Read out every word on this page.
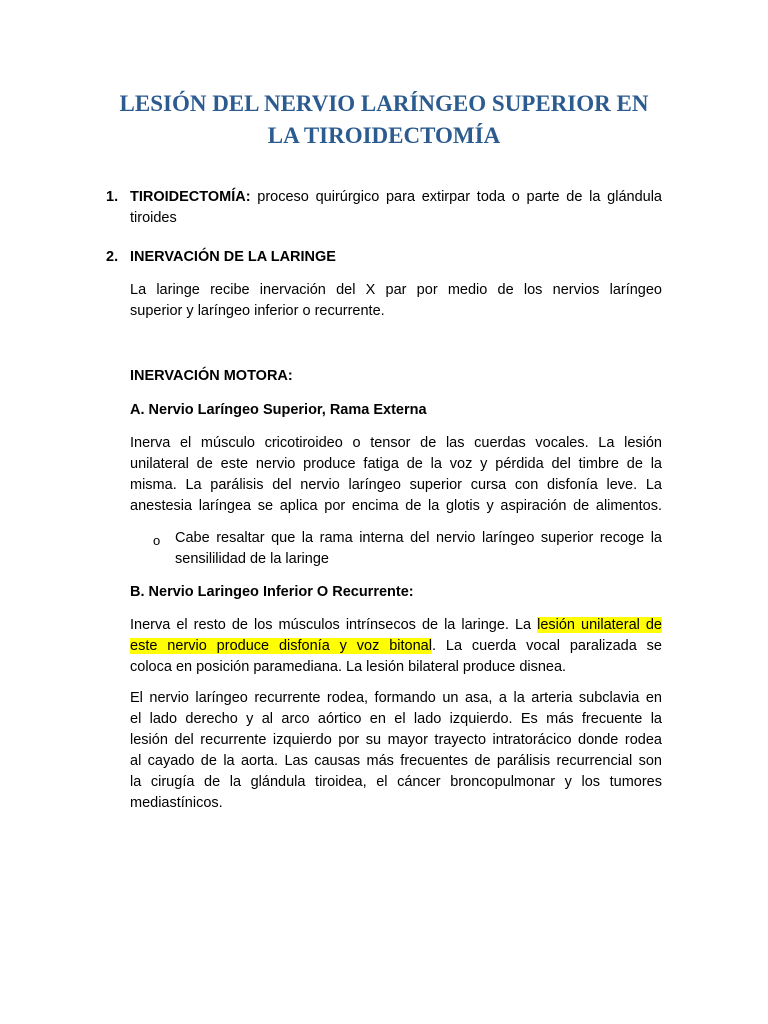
LESIÓN DEL NERVIO LARÍNGEO SUPERIOR EN
LA TIROIDECTOMÍA
1. TIROIDECTOMÍA: proceso quirúrgico para extirpar toda o parte de la glándula
tiroides
2. INERVACIÓN DE LA LARINGE
La laringe recibe inervación del X par por medio de los nervios laríngeo
superior y laríngeo inferior o recurrente.
INERVACIÓN MOTORA:
A. Nervio Laríngeo Superior, Rama Externa
Inerva el músculo cricotiroideo o tensor de las cuerdas vocales. La lesión
unilateral de este nervio produce fatiga de la voz y pérdida del timbre de la
misma. La parálisis del nervio laríngeo superior cursa con disfonía leve. La
anestesia laríngea se aplica por encima de la glotis y aspiración de alimentos.
o Cabe resaltar que la rama interna del nervio laríngeo superior recoge la
sensililidad de la laringe
B. Nervio Laringeo Inferior O Recurrente:
Inerva el resto de los músculos intrínsecos de la laringe. La lesión unilateral de
este nervio produce disfonía y voz bitonal. La cuerda vocal paralizada se
coloca en posición paramediana. La lesión bilateral produce disnea.
El nervio laríngeo recurrente rodea, formando un asa, a la arteria subclavia en
el lado derecho y al arco aórtico en el lado izquierdo. Es más frecuente la
lesión del recurrente izquierdo por su mayor trayecto intratorácico donde rodea
al cayado de la aorta. Las causas más frecuentes de parálisis recurrencial son
la cirugía de la glándula tiroidea, el cáncer broncopulmonar y los tumores
mediastínicos.
